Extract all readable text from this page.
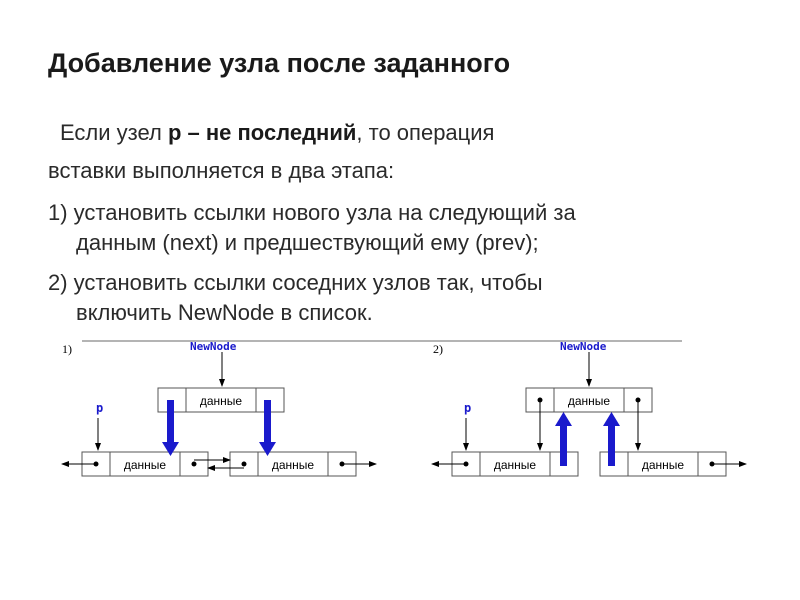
Добавление узла после заданного
Если узел p – не последний, то операция
вставки выполняется в два этапа:
1) установить ссылки нового узла на следующий за
данным (next) и предшествующий ему (prev);
2) установить ссылки соседних узлов так, чтобы
включить NewNode в список.
1)	NewNode
данные
p
данные	данные
2)	NewNode
данные
p
данные	данные
